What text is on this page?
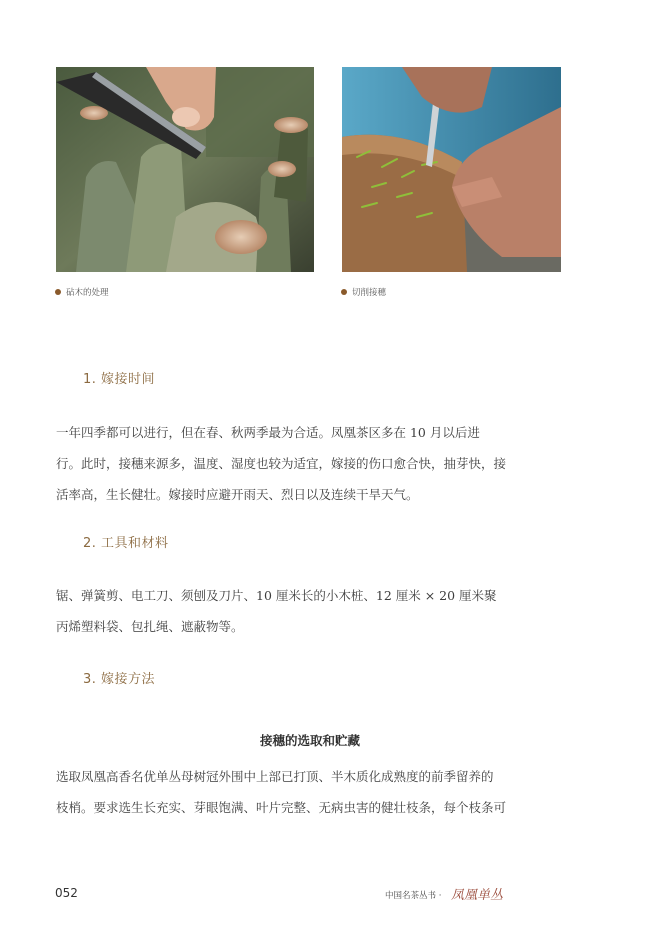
砧木的处理	切削接穗
1. 嫁接时间

一年四季都可以进行，但在春、秋两季最为合适。凤凰茶区多在 10 月以后进
行。此时，接穗来源多，温度、湿度也较为适宜，嫁接的伤口愈合快，抽芽快，接
活率高，生长健壮。嫁接时应避开雨天、烈日以及连续干旱天气。

2. 工具和材料

锯、弹簧剪、电工刀、须刨及刀片、10 厘米长的小木桩、12 厘米 × 20 厘米聚
丙烯塑料袋、包扎绳、遮蔽物等。

3. 嫁接方法
接穗的选取和贮藏

选取凤凰高香名优单丛母树冠外围中上部已打顶、半木质化成熟度的前季留养的
枝梢。要求选生长充实、芽眼饱满、叶片完整、无病虫害的健壮枝条，每个枝条可

052	中国名茶丛书 · 凤凰单丛
